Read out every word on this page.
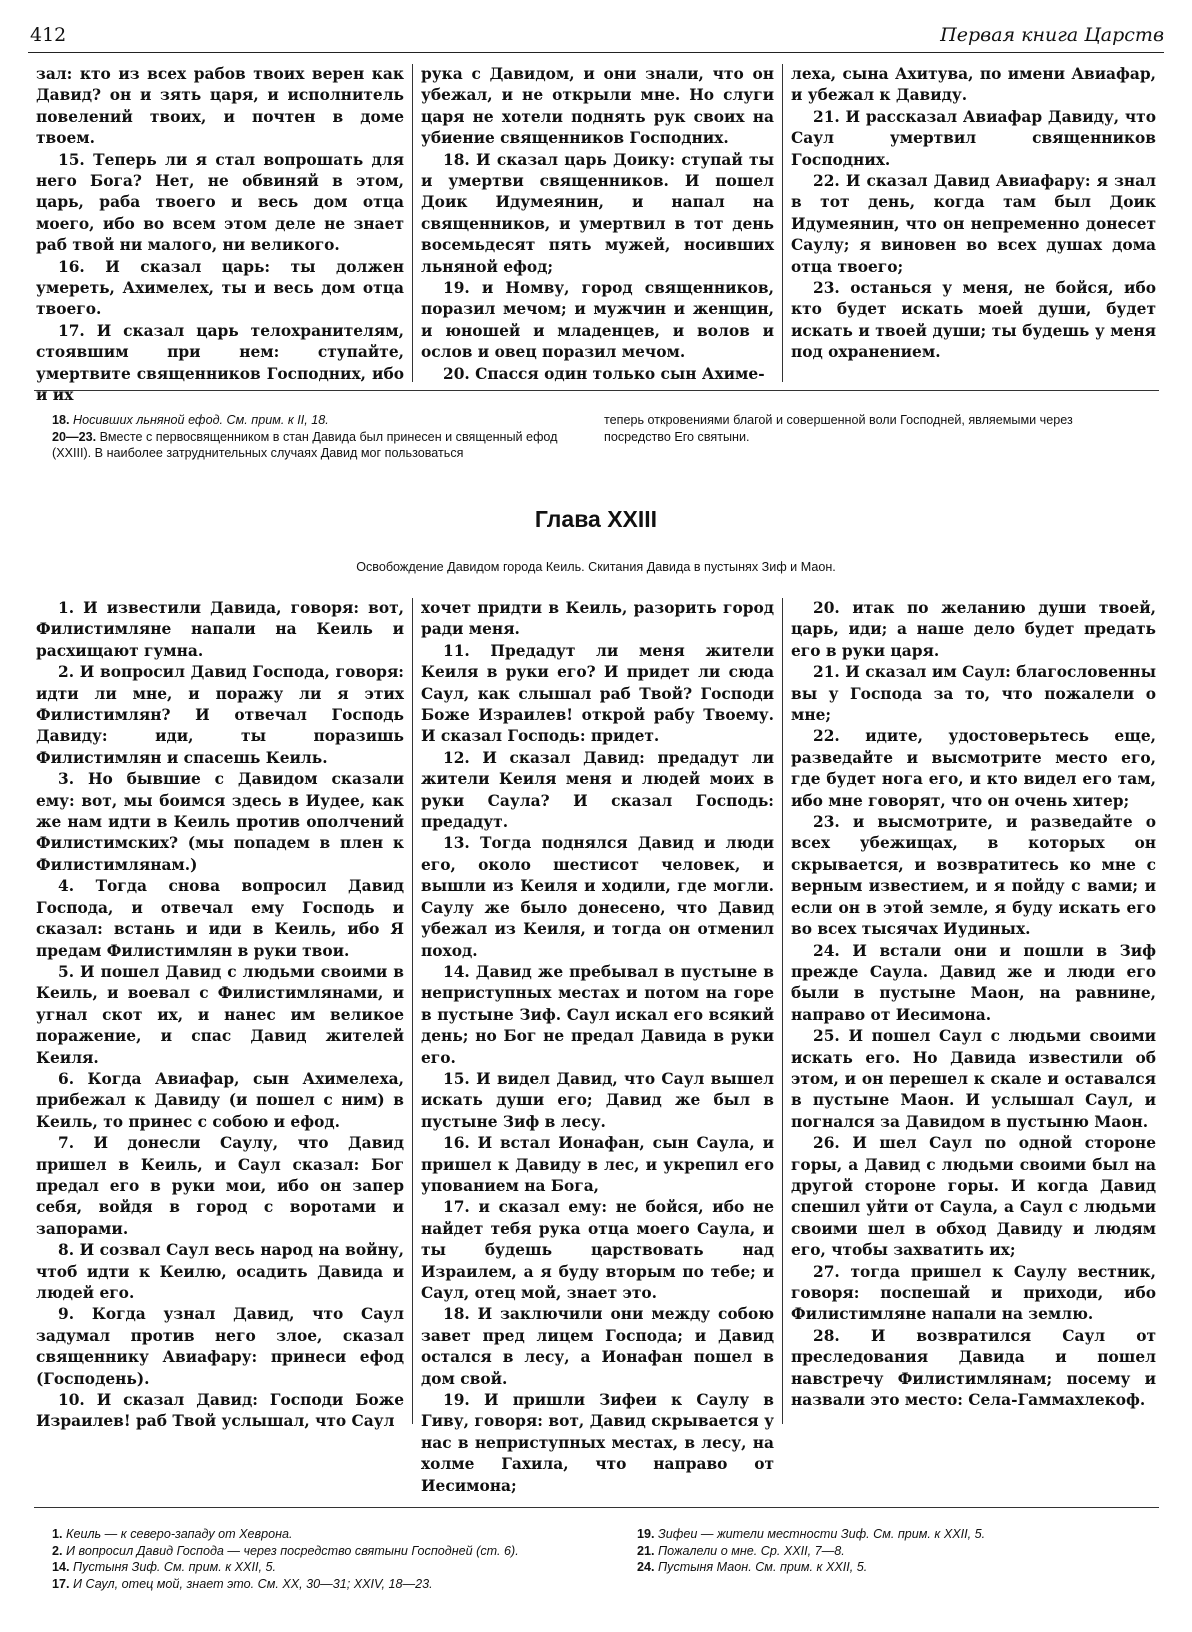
412	Первая книга Царств

зал: кто из всех рабов твоих верен как Давид? он и зять царя, и исполнитель повелений твоих, и почтен в доме твоем.

15. Теперь ли я стал вопрошать для него Бога? Нет, не обвиняй в этом, царь, раба твоего и весь дом отца моего, ибо во всем этом деле не знает раб твой ни малого, ни великого.

16. И сказал царь: ты должен умереть, Ахимелех, ты и весь дом отца твоего.

17. И сказал царь телохранителям, стоявшим при нем: ступайте, умертвите священников Господних, ибо и их

рука с Давидом, и они знали, что он убежал, и не открыли мне. Но слуги царя не хотели поднять рук своих на убиение священников Господних.

18. И сказал царь Доику: ступай ты и умертви священников. И пошел Доик Идумеянин, и напал на священников, и умертвил в тот день восемьдесят пять мужей, носивших льняной ефод;

19. и Номву, город священников, поразил мечом; и мужчин и женщин, и юношей и младенцев, и волов и ослов и овец поразил мечом.

20. Спасся один только сын Ахиме-

леха, сына Ахитува, по имени Авиафар, и убежал к Давиду.

21. И рассказал Авиафар Давиду, что Саул умертвил священников Господних.

22. И сказал Давид Авиафару: я знал в тот день, когда там был Доик Идумеянин, что он непременно донесет Саулу; я виновен во всех душах дома отца твоего;

23. останься у меня, не бойся, ибо кто будет искать моей души, будет искать и твоей души; ты будешь у меня под охранением.

18. Носивших льняной ефод. См. прим. к II, 18.

20—23. Вместе с первосвященником в стан Давида был принесен и священный ефод (XXIII). В наиболее затруднительных случаях Давид мог пользоваться

теперь откровениями благой и совершенной воли Господней, являемыми через посредство Его святыни.

Глава XXIII
Освобождение Давидом города Кеиль. Скитания Давида в пустынях Зиф и Маон.

1. И известили Давида, говоря: вот, Филистимляне напали на Кеиль и расхищают гумна.

2. И вопросил Давид Господа, говоря: идти ли мне, и поражу ли я этих Филистимлян? И отвечал Господь Давиду: иди, ты поразишь Филистимлян и спасешь Кеиль.

3. Но бывшие с Давидом сказали ему: вот, мы боимся здесь в Иудее, как же нам идти в Кеиль против ополчений Филистимских? (мы попадем в плен к Филистимлянам.)

4. Тогда снова вопросил Давид Господа, и отвечал ему Господь и сказал: встань и иди в Кеиль, ибо Я предам Филистимлян в руки твои.

5. И пошел Давид с людьми своими в Кеиль, и воевал с Филистимлянами, и угнал скот их, и нанес им великое поражение, и спас Давид жителей Кеиля.

6. Когда Авиафар, сын Ахимелеха, прибежал к Давиду (и пошел с ним) в Кеиль, то принес с собою и ефод.

7. И донесли Саулу, что Давид пришел в Кеиль, и Саул сказал: Бог предал его в руки мои, ибо он запер себя, войдя в город с воротами и запорами.

8. И созвал Саул весь народ на войну, чтоб идти к Кеилю, осадить Давида и людей его.

9. Когда узнал Давид, что Саул задумал против него злое, сказал священнику Авиафару: принеси ефод (Господень).

10. И сказал Давид: Господи Боже Израилев! раб Твой услышал, что Саул

хочет придти в Кеиль, разорить город ради меня.

11. Предадут ли меня жители Кеиля в руки его? И придет ли сюда Саул, как слышал раб Твой? Господи Боже Израилев! открой рабу Твоему. И сказал Господь: придет.

12. И сказал Давид: предадут ли жители Кеиля меня и людей моих в руки Саула? И сказал Господь: предадут.

13. Тогда поднялся Давид и люди его, около шестисот человек, и вышли из Кеиля и ходили, где могли. Саулу же было донесено, что Давид убежал из Кеиля, и тогда он отменил поход.

14. Давид же пребывал в пустыне в неприступных местах и потом на горе в пустыне Зиф. Саул искал его всякий день; но Бог не предал Давида в руки его.

15. И видел Давид, что Саул вышел искать души его; Давид же был в пустыне Зиф в лесу.

16. И встал Ионафан, сын Саула, и пришел к Давиду в лес, и укрепил его упованием на Бога,

17. и сказал ему: не бойся, ибо не найдет тебя рука отца моего Саула, и ты будешь царствовать над Израилем, а я буду вторым по тебе; и Саул, отец мой, знает это.

18. И заключили они между собою завет пред лицем Господа; и Давид остался в лесу, а Ионафан пошел в дом свой.

19. И пришли Зифеи к Саулу в Гиву, говоря: вот, Давид скрывается у нас в неприступных местах, в лесу, на холме Гахила, что направо от Иесимона;

20. итак по желанию души твоей, царь, иди; а наше дело будет предать его в руки царя.

21. И сказал им Саул: благословенны вы у Господа за то, что пожалели о мне;

22. идите, удостоверьтесь еще, разведайте и высмотрите место его, где будет нога его, и кто видел его там, ибо мне говорят, что он очень хитер;

23. и высмотрите, и разведайте о всех убежищах, в которых он скрывается, и возвратитесь ко мне с верным известием, и я пойду с вами; и если он в этой земле, я буду искать его во всех тысячах Иудиных.

24. И встали они и пошли в Зиф прежде Саула. Давид же и люди его были в пустыне Маон, на равнине, направо от Иесимона.

25. И пошел Саул с людьми своими искать его. Но Давида известили об этом, и он перешел к скале и оставался в пустыне Маон. И услышал Саул, и погнался за Давидом в пустыню Маон.

26. И шел Саул по одной стороне горы, а Давид с людьми своими был на другой стороне горы. И когда Давид спешил уйти от Саула, а Саул с людьми своими шел в обход Давиду и людям его, чтобы захватить их;

27. тогда пришел к Саулу вестник, говоря: поспешай и приходи, ибо Филистимляне напали на землю.

28. И возвратился Саул от преследования Давида и пошел навстречу Филистимлянам; посему и назвали это место: Села-Гаммахлекоф.

1. Кеиль — к северо-западу от Хеврона.

2. И вопросил Давид Господа — через посредство святыни Господней (ст. 6).

14. Пустыня Зиф. См. прим. к XXII, 5.

17. И Саул, отец мой, знает это. См. XX, 30—31; XXIV, 18—23.

19. Зифеи — жители местности Зиф. См. прим. к XXII, 5.

21. Пожалели о мне. Ср. XXII, 7—8.

24. Пустыня Маон. См. прим. к XXII, 5.
